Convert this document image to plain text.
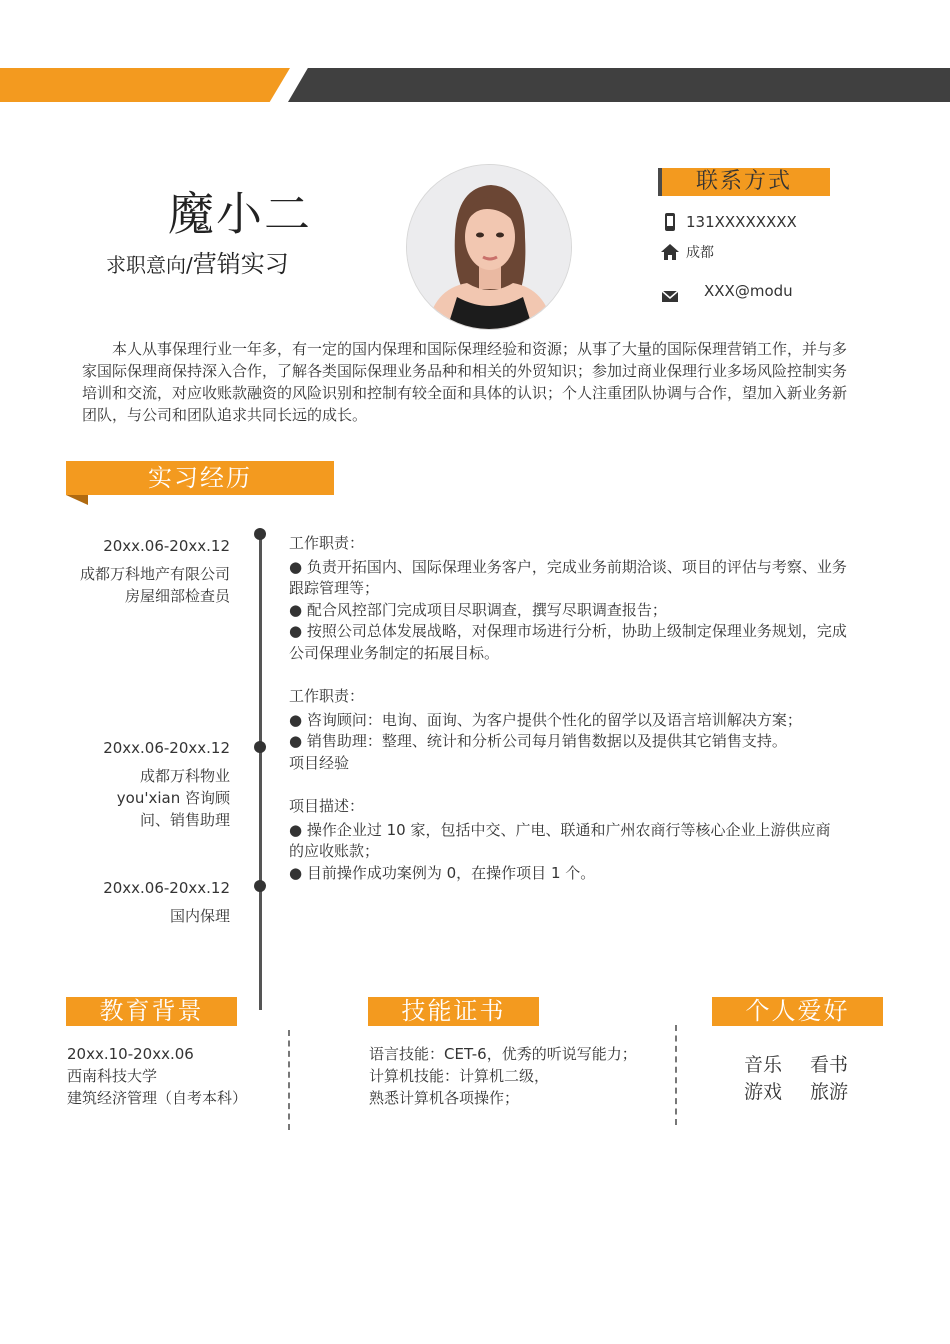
魔小二
求职意向/营销实习
联系方式
131XXXXXXXX
成都
XXX@modu

本人从事保理行业一年多，有一定的国内保理和国际保理经验和资源；从事了大量的国际保理营销工作，并与多家国际保理商保持深入合作，了解各类国际保理业务品种和相关的外贸知识；参加过商业保理行业多场风险控制实务培训和交流，对应收账款融资的风险识别和控制有较全面和具体的认识；个人注重团队协调与合作，望加入新业务新团队，与公司和团队追求共同长远的成长。

实习经历
20xx.06-20xx.12
成都万科地产有限公司房屋细部检查员
20xx.06-20xx.12
成都万科物业you'xian 咨询顾问、销售助理
20xx.06-20xx.12
国内保理
工作职责：
● 负责开拓国内、国际保理业务客户，完成业务前期洽谈、项目的评估与考察、业务跟踪管理等；
● 配合风控部门完成项目尽职调查，撰写尽职调查报告；
● 按照公司总体发展战略，对保理市场进行分析，协助上级制定保理业务规划，完成公司保理业务制定的拓展目标。
工作职责：
● 咨询顾问：电询、面询、为客户提供个性化的留学以及语言培训解决方案；
● 销售助理：整理、统计和分析公司每月销售数据以及提供其它销售支持。项目经验
项目描述：
● 操作企业过 10 家，包括中交、广电、联通和广州农商行等核心企业上游供应商的应收账款；
● 目前操作成功案例为 0，在操作项目 1 个。
教育背景	技能证书	个人爱好
20xx.10-20xx.06
西南科技大学
建筑经济管理（自考本科）
语言技能：CET-6，优秀的听说写能力；
计算机技能：计算机二级，
熟悉计算机各项操作；
音乐 看书
游戏 旅游
